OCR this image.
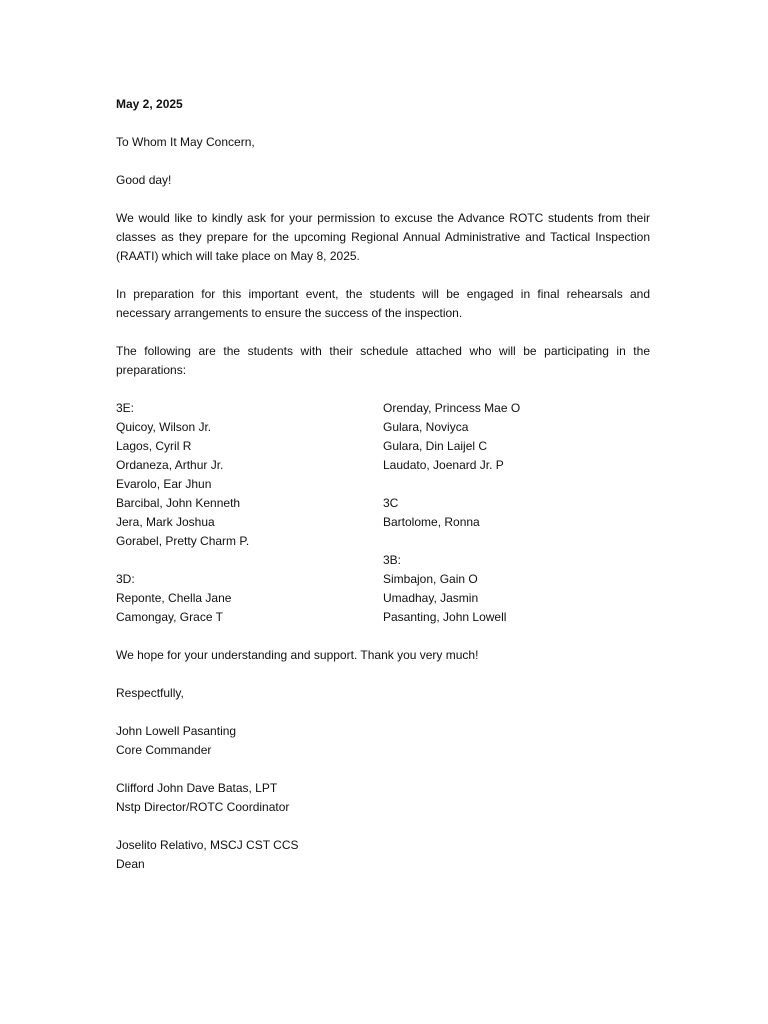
May 2, 2025

To Whom It May Concern,

Good day!

We would like to kindly ask for your permission to excuse the Advance ROTC students from their classes as they prepare for the upcoming Regional Annual Administrative and Tactical Inspection (RAATI) which will take place on May 8, 2025.

In preparation for this important event, the students will be engaged in final rehearsals and necessary arrangements to ensure the success of the inspection.

The following are the students with their schedule attached who will be participating in the preparations:

3E:
Quicoy, Wilson Jr.
Lagos, Cyril R
Ordaneza, Arthur Jr.
Evarolo, Ear Jhun
Barcibal, John Kenneth
Jera, Mark Joshua
Gorabel, Pretty Charm P.
3D:
Reponte, Chella Jane
Camongay, Grace T
Orenday, Princess Mae O
Gulara, Noviyca
Gulara, Din Laijel C
Laudato, Joenard Jr. P
3C
Bartolome, Ronna
3B:
Simbajon, Gain O
Umadhay, Jasmin
Pasanting, John Lowell

We hope for your understanding and support. Thank you very much!

Respectfully,

John Lowell Pasanting
Core Commander
Clifford John Dave Batas, LPT
Nstp Director/ROTC Coordinator
Joselito Relativo, MSCJ CST CCS
Dean
